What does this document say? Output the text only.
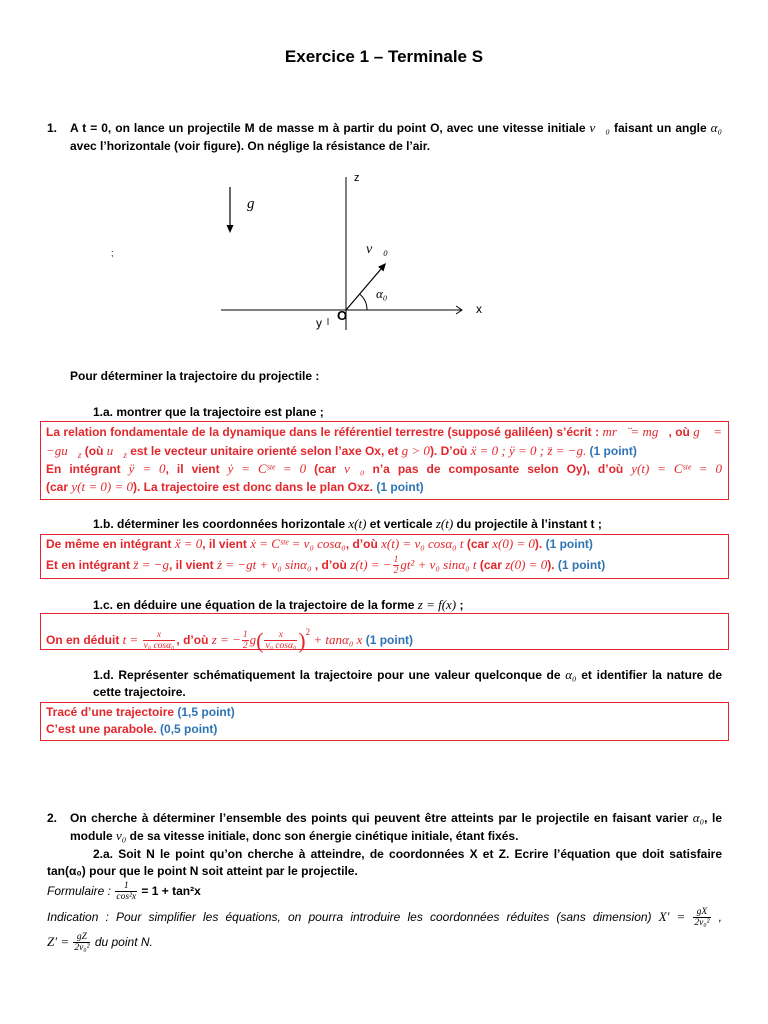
Exercice 1 – Terminale S
1.	A t = 0, on lance un projectile M de masse m à partir du point O, avec une vitesse initiale v⃗₀ faisant un angle α₀
avec l’horizontale (voir figure). On néglige la résistance de l’air.
z
x
O
y
g⃗
v⃗₀
α₀
;
Pour déterminer la trajectoire du projectile :
1.a. montrer que la trajectoire est plane ;
La relation fondamentale de la dynamique dans le référentiel terrestre (supposé galiléen) s’écrit : mr⃗̈ = mg⃗, où g⃗ =
$-gu⃗_z$ (où $u⃗_z$ est le vecteur unitaire orienté selon l’axe Ox, et g > 0). D’où ẍ = 0 ; ÿ = 0 ; z̈ = −g. (1 point)
En intégrant ÿ = 0, il vient ẏ = Cˢᵗᵉ = 0 (car v⃗₀ n’a pas de composante selon Oy), d’où y(t) = Cˢᵗᵉ = 0
(car y(t = 0) = 0). La trajectoire est donc dans le plan Oxz. (1 point)
1.b. déterminer les coordonnées horizontale x(t) et verticale z(t) du projectile à l’instant t ;
De même en intégrant ẍ = 0, il vient ẋ = Cˢᵗᵉ = v₀ cosα₀, d’où x(t) = v₀ cosα₀ t (car x(0) = 0). (1 point)
Et en intégrant z̈ = −g, il vient ż = −gt + v₀ sinα₀ , d’où z(t) = − $\frac{1}{2} gt^2 + v_0$ sinα₀ t (car z(0) = 0). (1 point)
1.c. en déduire une équation de la trajectoire de la forme z = f(x) ;
On en déduit $t = \frac{x}{\text{v₀ cosα₀}}$ , d’où z = − $\frac{1}{2} g( \frac{x}{\text{v₀ cosα₀}} )^2 + \tan\alpha_0$ x (1 point)
1.d. Représenter schématiquement la trajectoire pour une valeur quelconque de α₀ et identifier la nature de
cette trajectoire.
Tracé d’une trajectoire (1,5 point)
C’est une parabole. (0,5 point)
2.	On cherche à déterminer l’ensemble des points qui peuvent être atteints par le projectile en faisant varier α₀, le
module v₀ de sa vitesse initiale, donc son énergie cinétique initiale, étant fixés.
2.a. Soit N le point qu’on cherche à atteindre, de coordonnées X et Z. Ecrire l’équation que doit satisfaire
tan(α₀) pour que le point N soit atteint par le projectile.
Formulaire : $\frac{1}{\text{cos²x}} = 1 + \tan^2x$
Indication : Pour simplifier les équations, on pourra introduire les coordonnées réduites (sans dimension) $X' = \frac{gX}{\text{2v₀²}}$ ,
$Z' = \frac{gZ}{\text{2v₀²}}$ du point N.
